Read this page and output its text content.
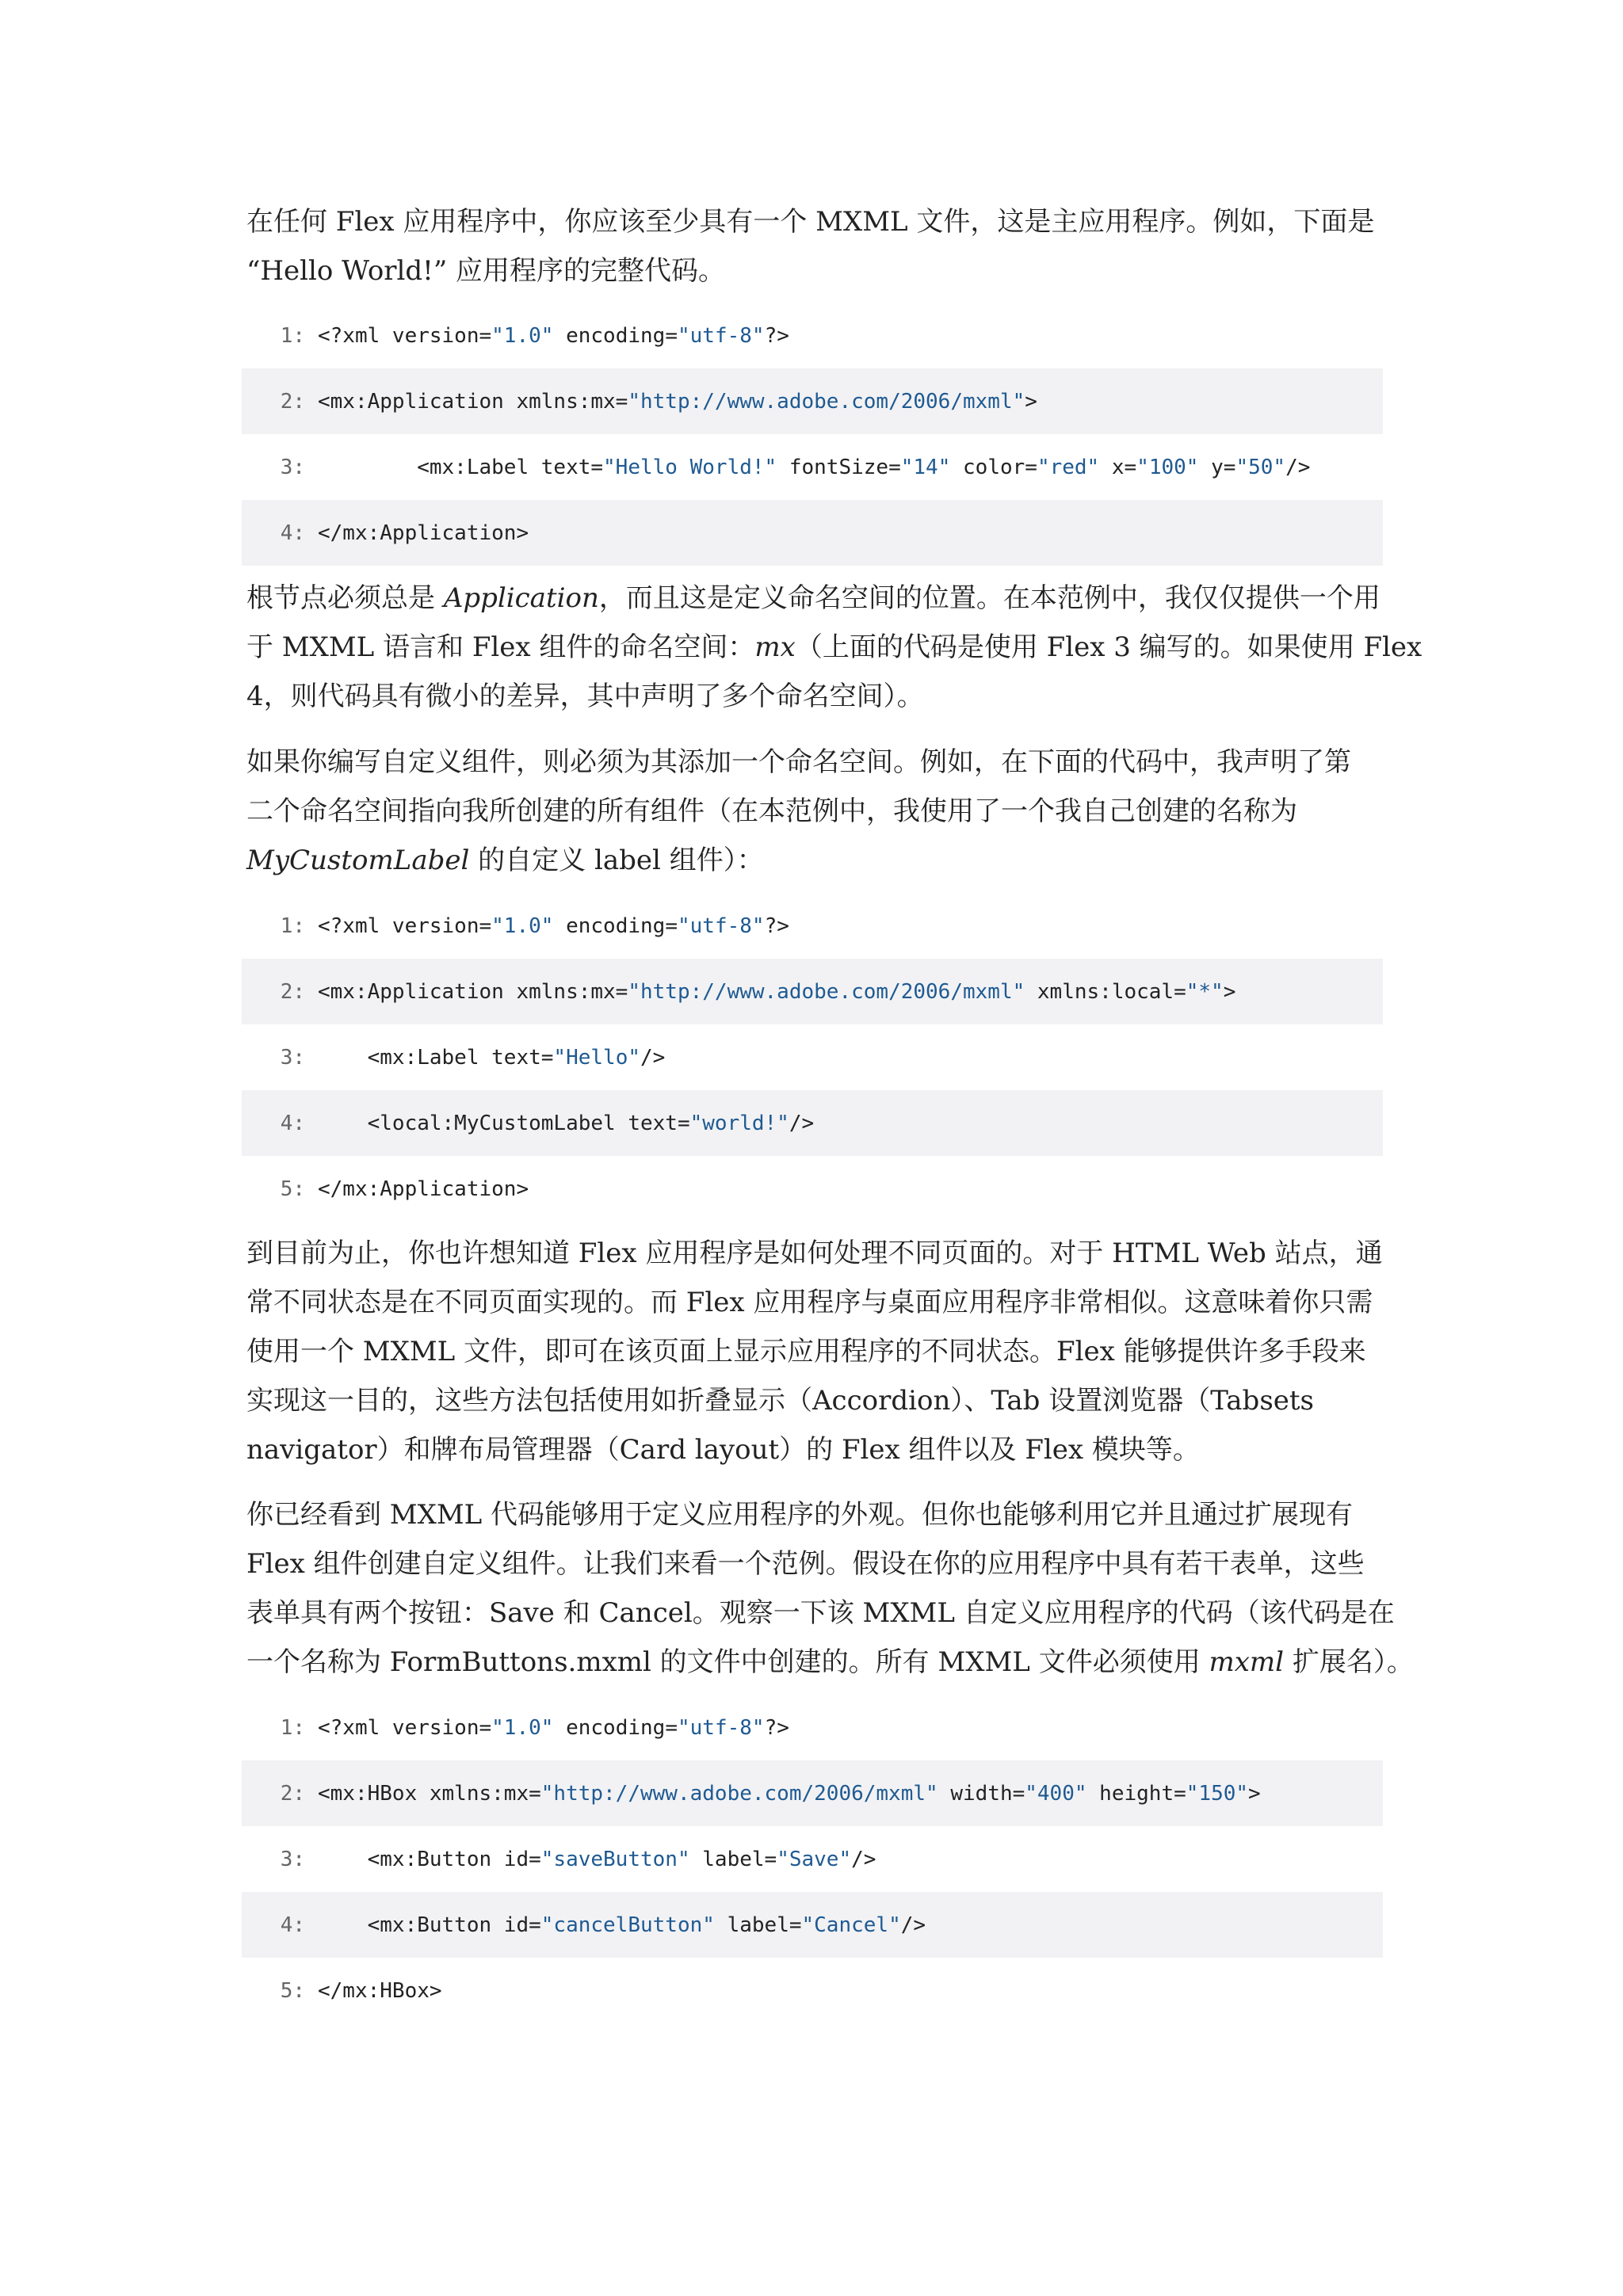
在任何 Flex 应用程序中，你应该至少具有一个 MXML 文件，这是主应用程序。例如，下面是
“Hello World!” 应用程序的完整代码。

1: <?xml version="1.0" encoding="utf-8"?>
2: <mx:Application xmlns:mx="http://www.adobe.com/2006/mxml">
3: <mx:Label text="Hello World!" fontSize="14" color="red" x="100" y="50"/>
4: </mx:Application>

根节点必须总是 Application，而且这是定义命名空间的位置。在本范例中，我仅仅提供一个用
于 MXML 语言和 Flex 组件的命名空间：mx（上面的代码是使用 Flex 3 编写的。如果使用 Flex
4，则代码具有微小的差异，其中声明了多个命名空间）。

如果你编写自定义组件，则必须为其添加一个命名空间。例如，在下面的代码中，我声明了第
二个命名空间指向我所创建的所有组件（在本范例中，我使用了一个我自己创建的名称为
MyCustomLabel 的自定义 label 组件）：

1: <?xml version="1.0" encoding="utf-8"?>
2: <mx:Application xmlns:mx="http://www.adobe.com/2006/mxml" xmlns:local="*">
3: <mx:Label text="Hello"/>
4: <local:MyCustomLabel text="world!"/>
5: </mx:Application>

到目前为止，你也许想知道 Flex 应用程序是如何处理不同页面的。对于 HTML Web 站点，通
常不同状态是在不同页面实现的。而 Flex 应用程序与桌面应用程序非常相似。这意味着你只需
使用一个 MXML 文件，即可在该页面上显示应用程序的不同状态。Flex 能够提供许多手段来
实现这一目的，这些方法包括使用如折叠显示（Accordion）、Tab 设置浏览器（Tabsets
navigator）和牌布局管理器（Card layout）的 Flex 组件以及 Flex 模块等。

你已经看到 MXML 代码能够用于定义应用程序的外观。但你也能够利用它并且通过扩展现有
Flex 组件创建自定义组件。让我们来看一个范例。假设在你的应用程序中具有若干表单，这些
表单具有两个按钮：Save 和 Cancel。观察一下该 MXML 自定义应用程序的代码（该代码是在
一个名称为 FormButtons.mxml 的文件中创建的。所有 MXML 文件必须使用 mxml 扩展名）。

1: <?xml version="1.0" encoding="utf-8"?>
2: <mx:HBox xmlns:mx="http://www.adobe.com/2006/mxml" width="400" height="150">
3: <mx:Button id="saveButton" label="Save"/>
4: <mx:Button id="cancelButton" label="Cancel"/>
5: </mx:HBox>
